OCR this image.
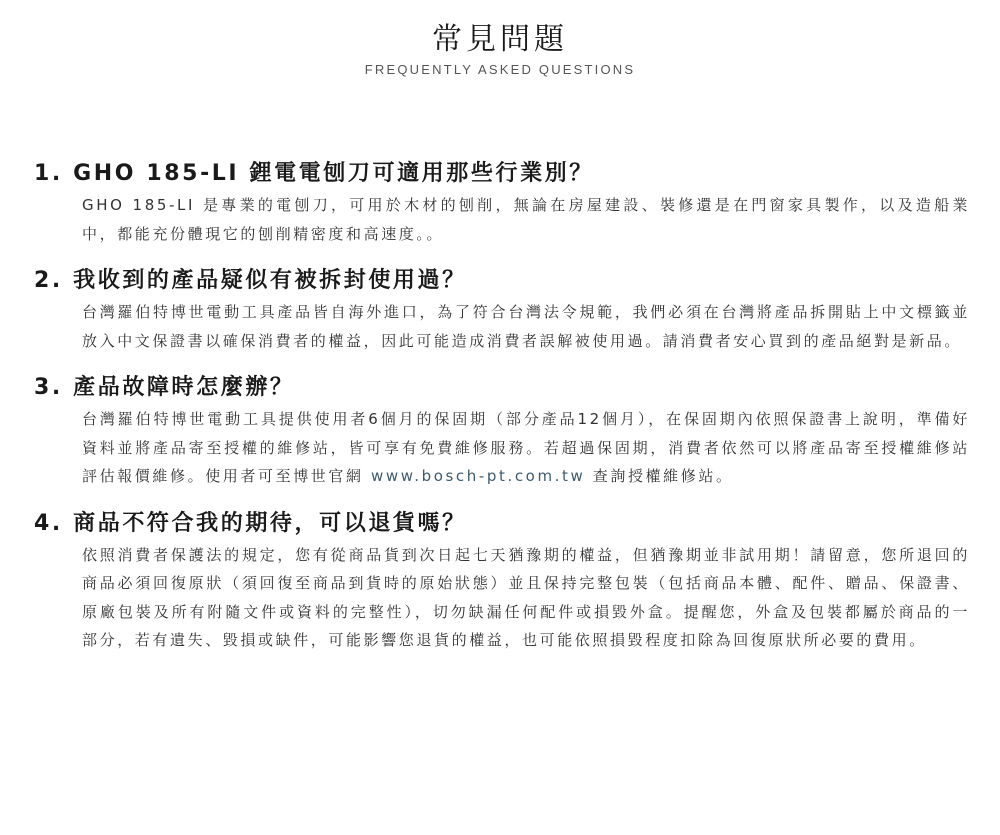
常見問題
FREQUENTLY ASKED QUESTIONS
1. GHO 185-LI 鋰電電刨刀可適用那些行業別？
GHO 185-LI 是專業的電刨刀，可用於木材的刨削，無論在房屋建設、裝修還是在門窗家具製作，以及造船業中，都能充份體現它的刨削精密度和高速度。。
2. 我收到的產品疑似有被拆封使用過？
台灣羅伯特博世電動工具產品皆自海外進口，為了符合台灣法令規範，我們必須在台灣將產品拆開貼上中文標籤並放入中文保證書以確保消費者的權益，因此可能造成消費者誤解被使用過。請消費者安心買到的產品絕對是新品。
3. 產品故障時怎麼辦？
台灣羅伯特博世電動工具提供使用者6個月的保固期（部分產品12個月），在保固期內依照保證書上說明，準備好資料並將產品寄至授權的維修站，皆可享有免費維修服務。若超過保固期，消費者依然可以將產品寄至授權維修站評估報價維修。使用者可至博世官網 www.bosch-pt.com.tw 查詢授權維修站。
4. 商品不符合我的期待，可以退貨嗎？
依照消費者保護法的規定，您有從商品貨到次日起七天猶豫期的權益，但猶豫期並非試用期！請留意，您所退回的商品必須回復原狀（須回復至商品到貨時的原始狀態）並且保持完整包裝（包括商品本體、配件、贈品、保證書、原廠包裝及所有附隨文件或資料的完整性），切勿缺漏任何配件或損毀外盒。提醒您，外盒及包裝都屬於商品的一部分，若有遺失、毀損或缺件，可能影響您退貨的權益，也可能依照損毀程度扣除為回復原狀所必要的費用。
